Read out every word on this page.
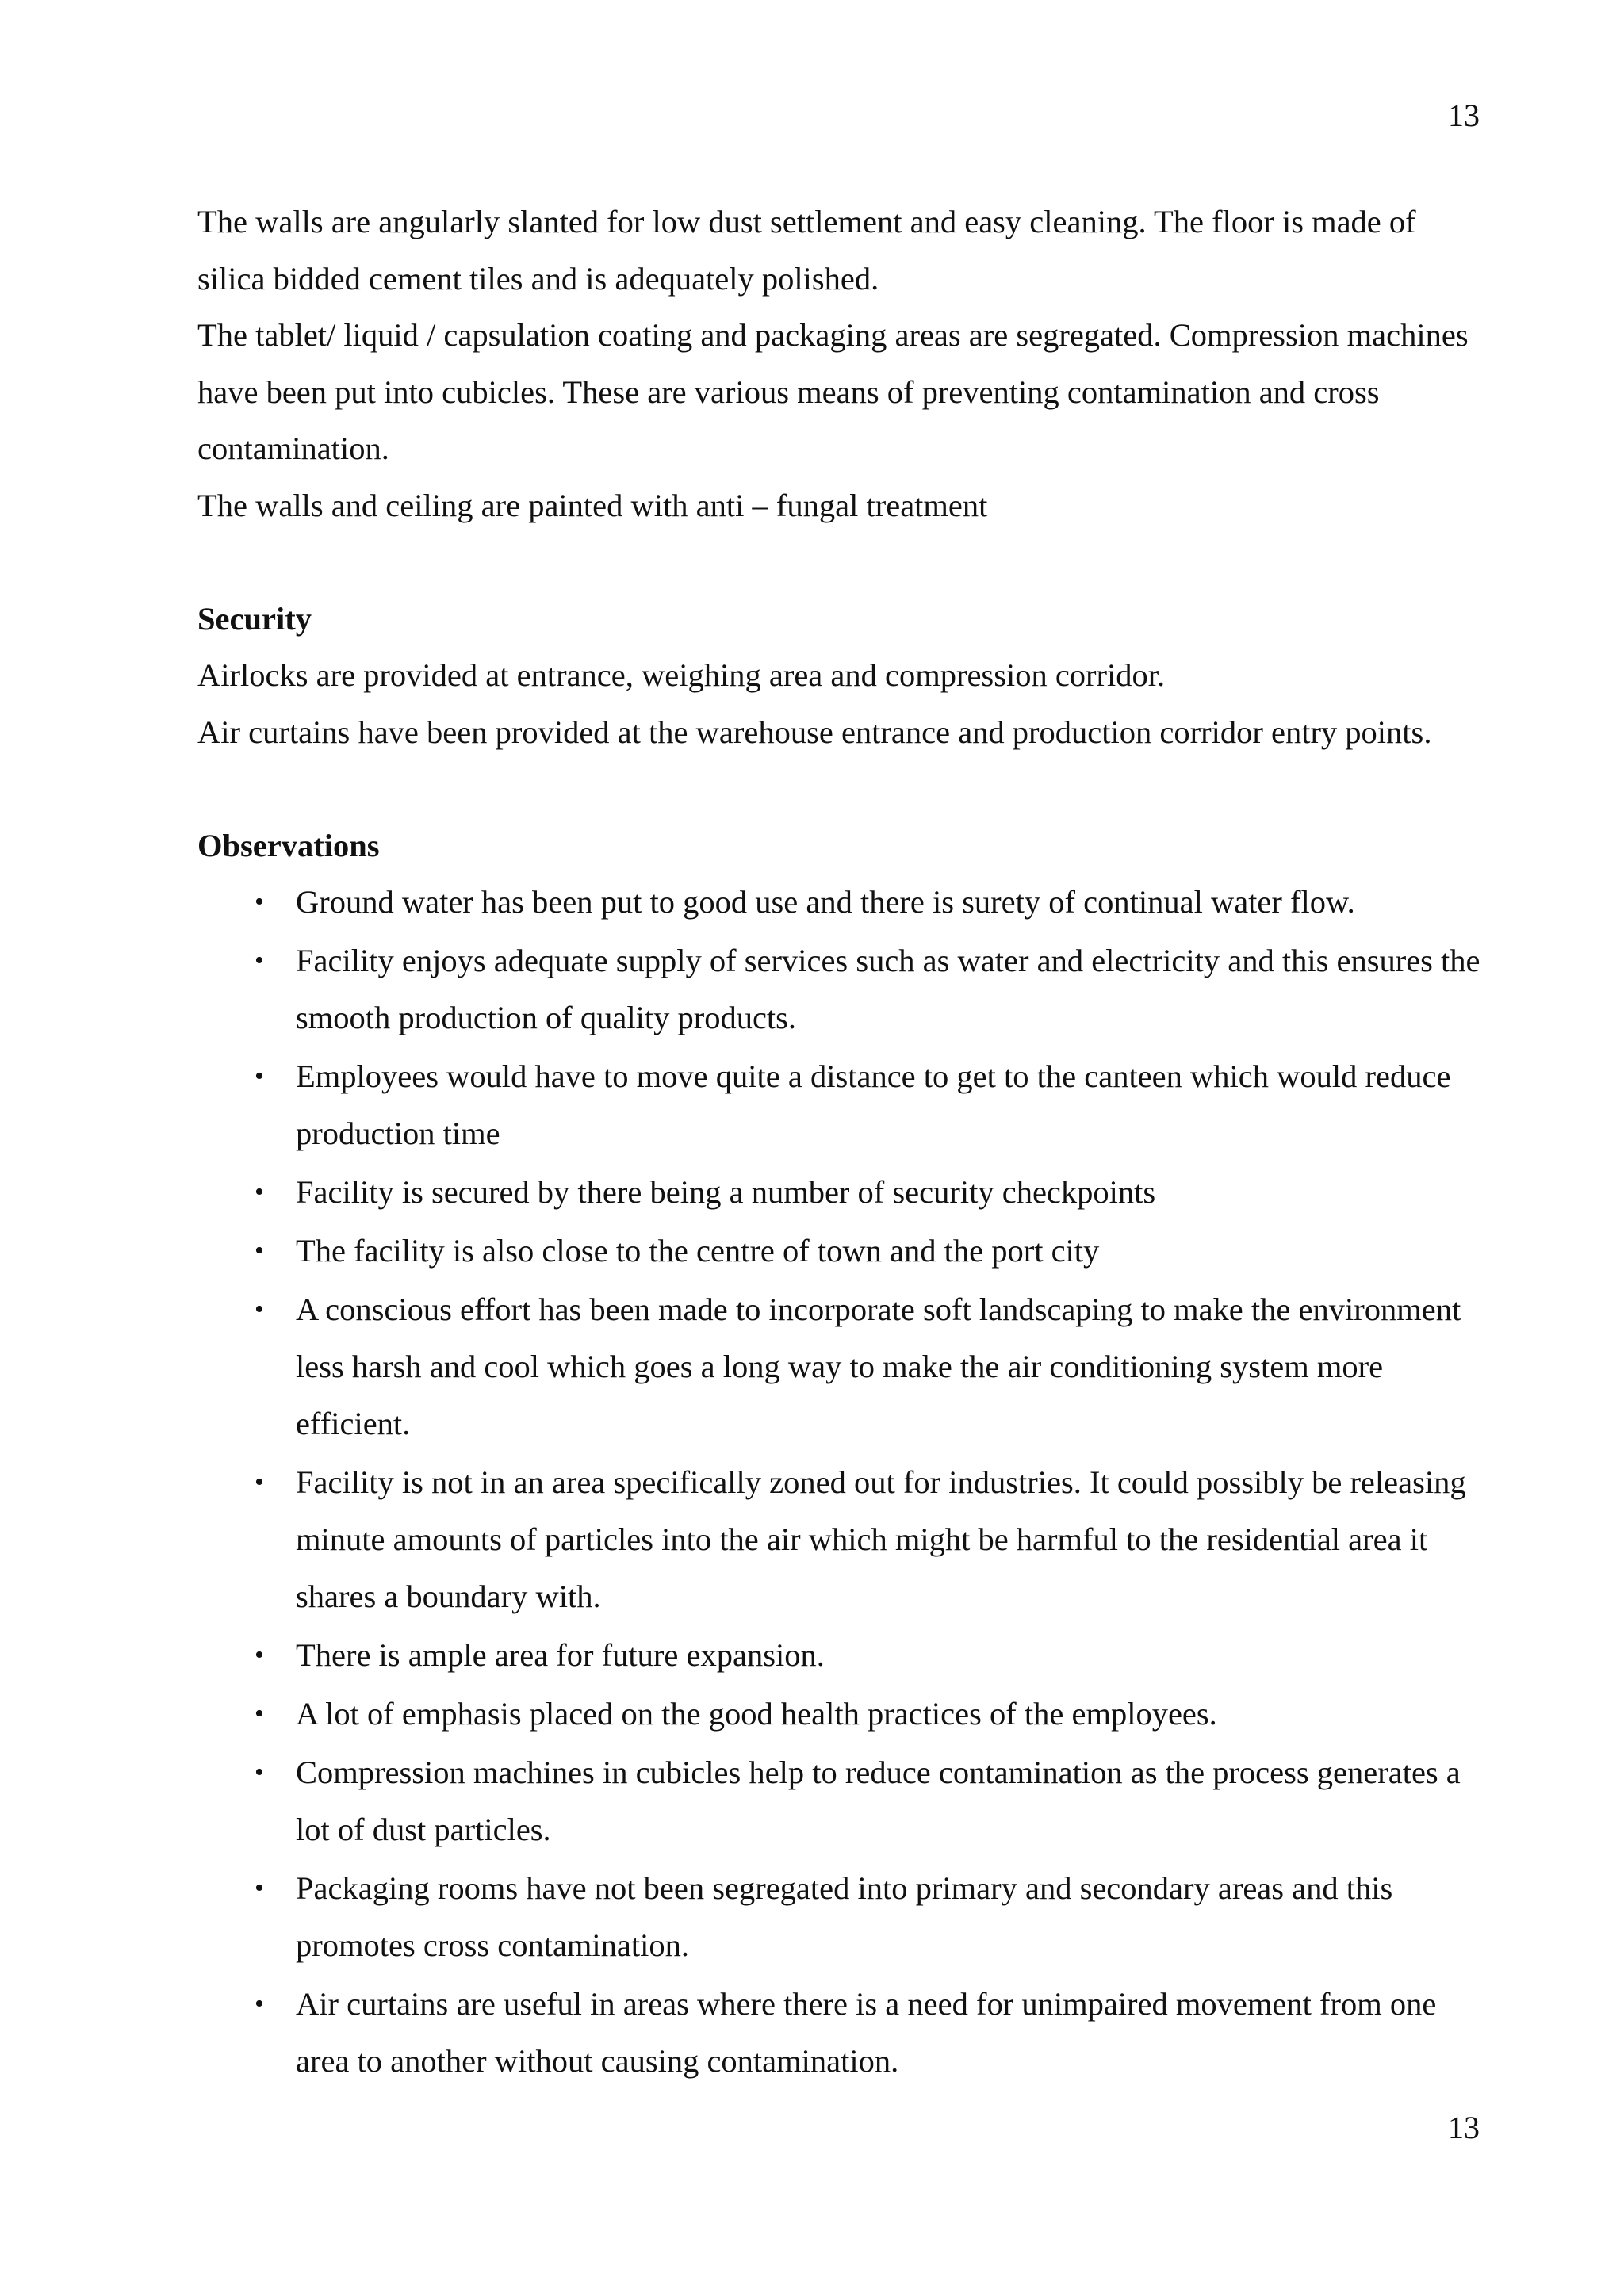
13

The walls are angularly slanted for low dust settlement and easy cleaning. The floor is made of silica bidded cement tiles and is adequately polished.

The tablet/ liquid / capsulation coating and packaging areas are segregated. Compression machines have been put into cubicles. These are various means of preventing contamination and cross contamination.

The walls and ceiling are painted with anti – fungal treatment

Security

Airlocks are provided at entrance, weighing area and compression corridor.

Air curtains have been provided at the warehouse entrance and production corridor entry points.

Observations

• Ground water has been put to good use and there is surety of continual water flow.
• Facility enjoys adequate supply of services such as water and electricity and this ensures the smooth production of quality products.
• Employees would have to move quite a distance to get to the canteen which would reduce production time
• Facility is secured by there being a number of security checkpoints
• The facility is also close to the centre of town and the port city
• A conscious effort has been made to incorporate soft landscaping to make the environment less harsh and cool which goes a long way to make the air conditioning system more efficient.
• Facility is not in an area specifically zoned out for industries. It could possibly be releasing minute amounts of particles into the air which might be harmful to the residential area it shares a boundary with.
• There is ample area for future expansion.
• A lot of emphasis placed on the good health practices of the employees.
• Compression machines in cubicles help to reduce contamination as the process generates a lot of dust particles.
• Packaging rooms have not been segregated into primary and secondary areas and this promotes cross contamination.
• Air curtains are useful in areas where there is a need for unimpaired movement from one area to another without causing contamination.
13
